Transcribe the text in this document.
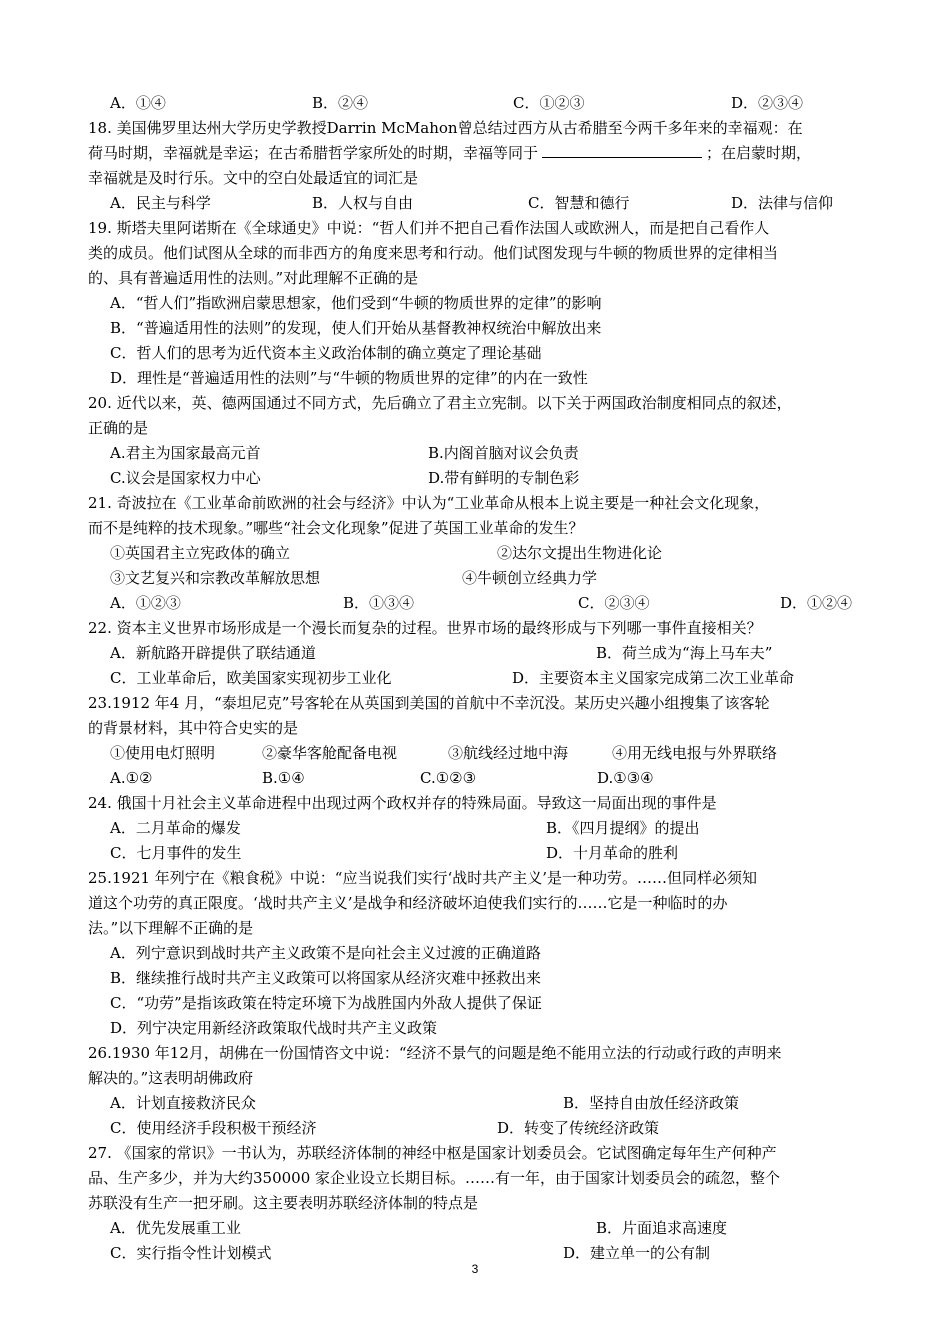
A．①④	B．②④	C．①②③	D．②③④
18. 美国佛罗里达州大学历史学教授Darrin McMahon曾总结过西方从古希腊至今两千多年来的幸福观：在
荷马时期，幸福就是幸运；在古希腊哲学家所处的时期，幸福等同于	；在启蒙时期，
幸福就是及时行乐。文中的空白处最适宜的词汇是
A．民主与科学	B．人权与自由	C．智慧和德行	D．法律与信仰
19. 斯塔夫里阿诺斯在《全球通史》中说：“哲人们并不把自己看作法国人或欧洲人，而是把自己看作人
类的成员。他们试图从全球的而非西方的角度来思考和行动。他们试图发现与牛顿的物质世界的定律相当
的、具有普遍适用性的法则。”对此理解不正确的是
A．“哲人们”指欧洲启蒙思想家，他们受到“牛顿的物质世界的定律”的影响
B．“普遍适用性的法则”的发现，使人们开始从基督教神权统治中解放出来
C．哲人们的思考为近代资本主义政治体制的确立奠定了理论基础
D．理性是“普遍适用性的法则”与“牛顿的物质世界的定律”的内在一致性
20. 近代以来，英、德两国通过不同方式，先后确立了君主立宪制。以下关于两国政治制度相同点的叙述，
正确的是
A.君主为国家最高元首	B.内阁首脑对议会负责
C.议会是国家权力中心	D.带有鲜明的专制色彩
21. 奇波拉在《工业革命前欧洲的社会与经济》中认为“工业革命从根本上说主要是一种社会文化现象，
而不是纯粹的技术现象。”哪些“社会文化现象”促进了英国工业革命的发生？
①英国君主立宪政体的确立	②达尔文提出生物进化论
③文艺复兴和宗教改革解放思想	④牛顿创立经典力学
A．①②③	B．①③④	C．②③④	D．①②④
22. 资本主义世界市场形成是一个漫长而复杂的过程。世界市场的最终形成与下列哪一事件直接相关？
A．新航路开辟提供了联结通道	B．荷兰成为“海上马车夫”
C．工业革命后，欧美国家实现初步工业化	D．主要资本主义国家完成第二次工业革命
23.1912 年4 月，“泰坦尼克”号客轮在从英国到美国的首航中不幸沉没。某历史兴趣小组搜集了该客轮
的背景材料，其中符合史实的是
①使用电灯照明	②豪华客舱配备电视	③航线经过地中海	④用无线电报与外界联络
A.①②	B.①④	C.①②③	D.①③④
24. 俄国十月社会主义革命进程中出现过两个政权并存的特殊局面。导致这一局面出现的事件是
A．二月革命的爆发	B．《四月提纲》的提出
C．七月事件的发生	D．十月革命的胜利
25.1921 年列宁在《粮食税》中说：“应当说我们实行‘战时共产主义’是一种功劳。……但同样必须知
道这个功劳的真正限度。‘战时共产主义’是战争和经济破坏迫使我们实行的……它是一种临时的办
法。”以下理解不正确的是
A．列宁意识到战时共产主义政策不是向社会主义过渡的正确道路
B．继续推行战时共产主义政策可以将国家从经济灾难中拯救出来
C．“功劳”是指该政策在特定环境下为战胜国内外敌人提供了保证
D．列宁决定用新经济政策取代战时共产主义政策
26.1930 年12月，胡佛在一份国情咨文中说：“经济不景气的问题是绝不能用立法的行动或行政的声明来
解决的。”这表明胡佛政府
A．计划直接救济民众	B．坚持自由放任经济政策
C．使用经济手段积极干预经济	D．转变了传统经济政策
27. 《国家的常识》一书认为，苏联经济体制的神经中枢是国家计划委员会。它试图确定每年生产何种产
品、生产多少，并为大约350000 家企业设立长期目标。……有一年，由于国家计划委员会的疏忽，整个
苏联没有生产一把牙刷。这主要表明苏联经济体制的特点是
A．优先发展重工业	B．片面追求高速度
C．实行指令性计划模式	D．建立单一的公有制
3
